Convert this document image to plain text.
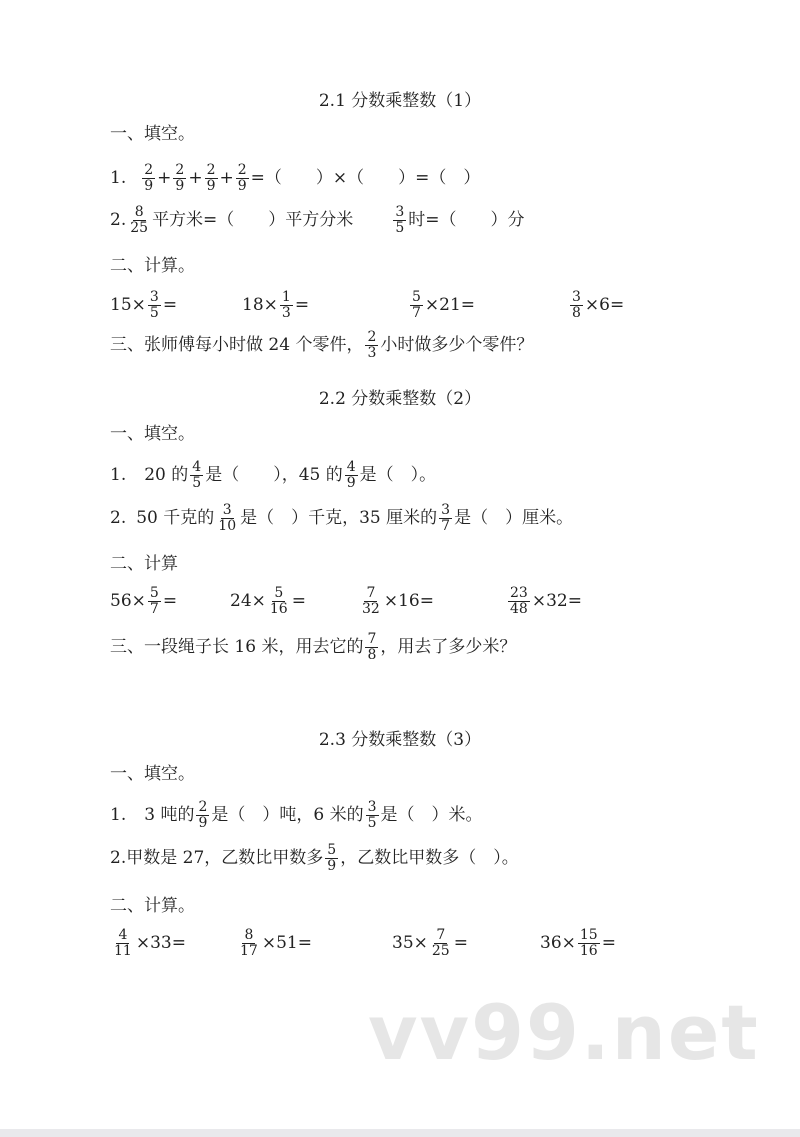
2.1 分数乘整数（1）
一、填空。
1. $\frac{2}{9} + \frac{2}{9} + \frac{2}{9} + \frac{2}{9}$ =（　　）×（　　）=（　）
2. $\frac{8}{25}$ 平方米=（　　）平方分米	$\frac{3}{5}$ 时=（　　）分
二、计算。
$15\times \frac{3}{5}$ =	$18\times \frac{1}{3}$ =	$\frac{5}{7} \times 21=$	$\frac{3}{8} \times 6=$
三、张师傅每小时做 24 个零件， $\frac{2}{3}$ 小时做多少个零件？
2.2 分数乘整数（2）
一、填空。
1. 20 的 $\frac{4}{5}$ 是（　　），45 的 $\frac{4}{9}$ 是（　）。
2. 50 千克的 $\frac{3}{10}$ 是（　）千克，35 厘米的 $\frac{3}{7}$ 是（　）厘米。
二、计算
$56\times \frac{5}{7}$ =	$24\times \frac{5}{16}$ =	$\frac{7}{32} \times 16=$	$\frac{23}{48} \times 32=$
三、一段绳子长 16 米，用去它的 $\frac{7}{8}$ ，用去了多少米？
2.3 分数乘整数（3）
一、填空。
1. 3 吨的 $\frac{2}{9}$ 是（　）吨，6 米的 $\frac{3}{5}$ 是（　）米。
2. 甲数是 27，乙数比甲数多 $\frac{5}{9}$ ，乙数比甲数多（　）。
二、计算。
$\frac{4}{11} \times 33=$	$\frac{8}{17} \times 51=$	$35\times \frac{7}{25}$ =	$36\times \frac{15}{16}$ =
vv99.net
